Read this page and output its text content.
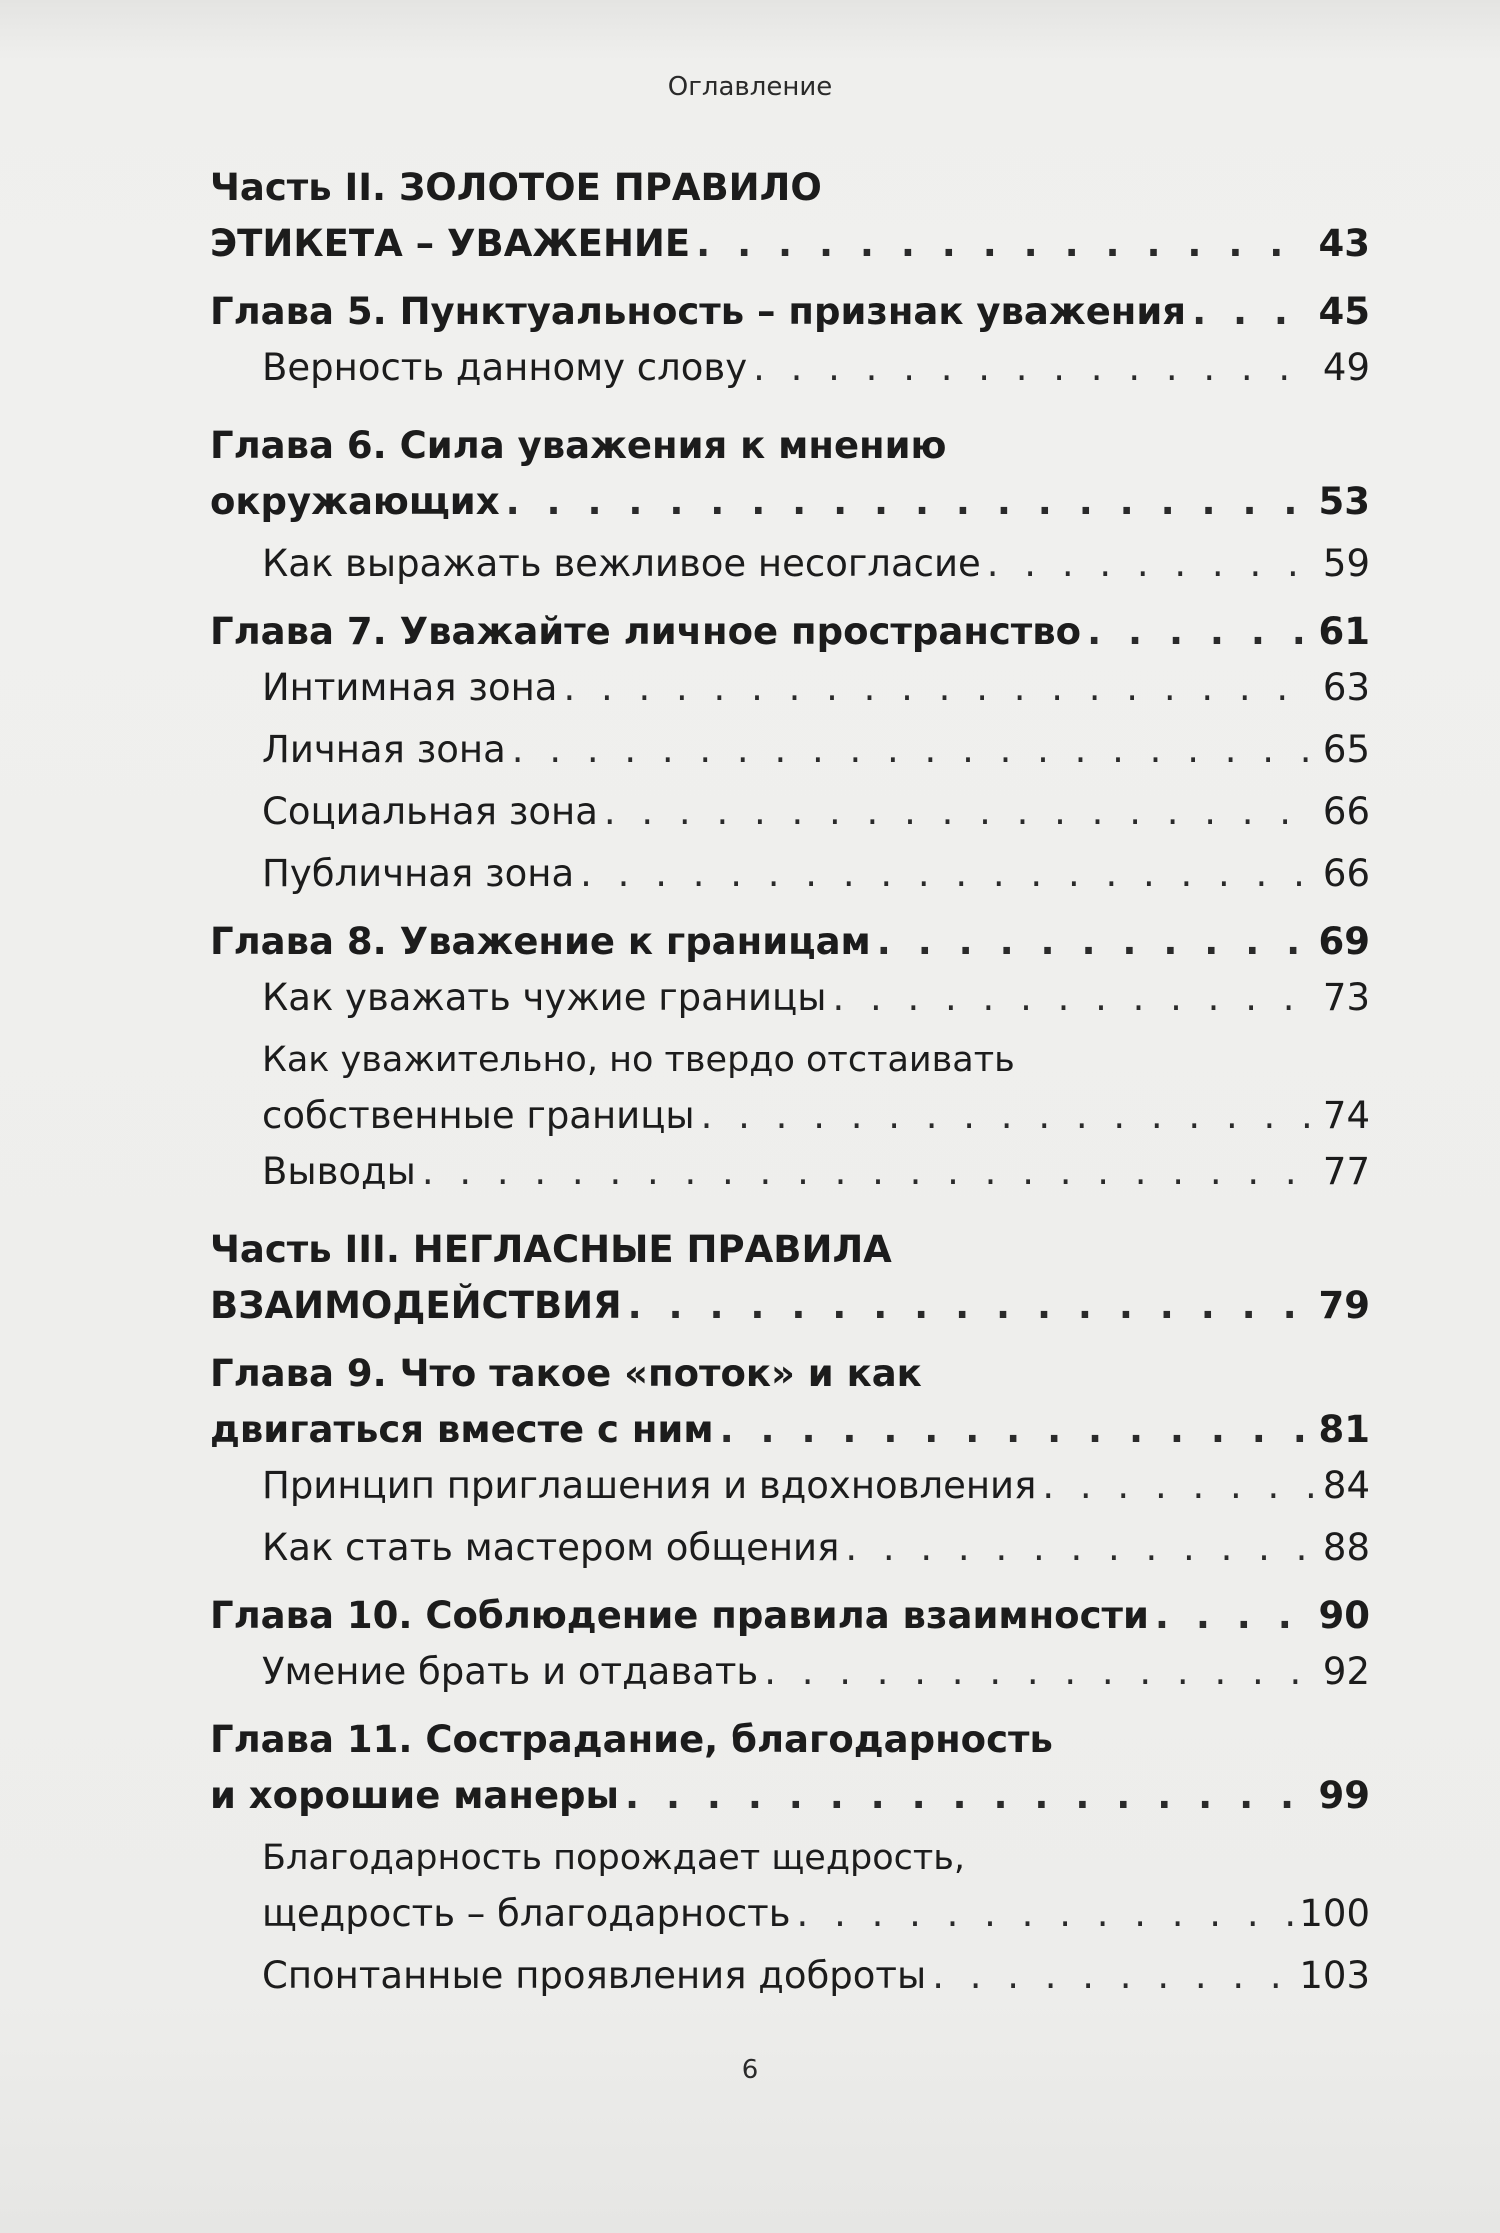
Оглавление
Часть II. ЗОЛОТОЕ ПРАВИЛО
ЭТИКЕТА – УВАЖЕНИЕ . . .	43
Глава 5. Пунктуальность – признак уважения . . .	45
Верность данному слову . . .	49
Глава 6. Сила уважения к мнению
окружающих . . .	53
Как выражать вежливое несогласие . . .	59
Глава 7. Уважайте личное пространство . . .	61
Интимная зона . . .	63
Личная зона . . .	65
Социальная зона . . .	66
Публичная зона . . .	66
Глава 8. Уважение к границам . . .	69
Как уважать чужие границы . . .	73
Как уважительно, но твердо отстаивать
собственные границы . . .	74
Выводы . . .	77
Часть III. НЕГЛАСНЫЕ ПРАВИЛА
ВЗАИМОДЕЙСТВИЯ . . .	79
Глава 9. Что такое «поток» и как
двигаться вместе с ним . . .	81
Принцип приглашения и вдохновления . . .	84
Как стать мастером общения . . .	88
Глава 10. Соблюдение правила взаимности . . .	90
Умение брать и отдавать . . .	92
Глава 11. Сострадание, благодарность
и хорошие манеры . . .	99
Благодарность порождает щедрость,
щедрость – благодарность . . .	100
Спонтанные проявления доброты . . .	103
6
